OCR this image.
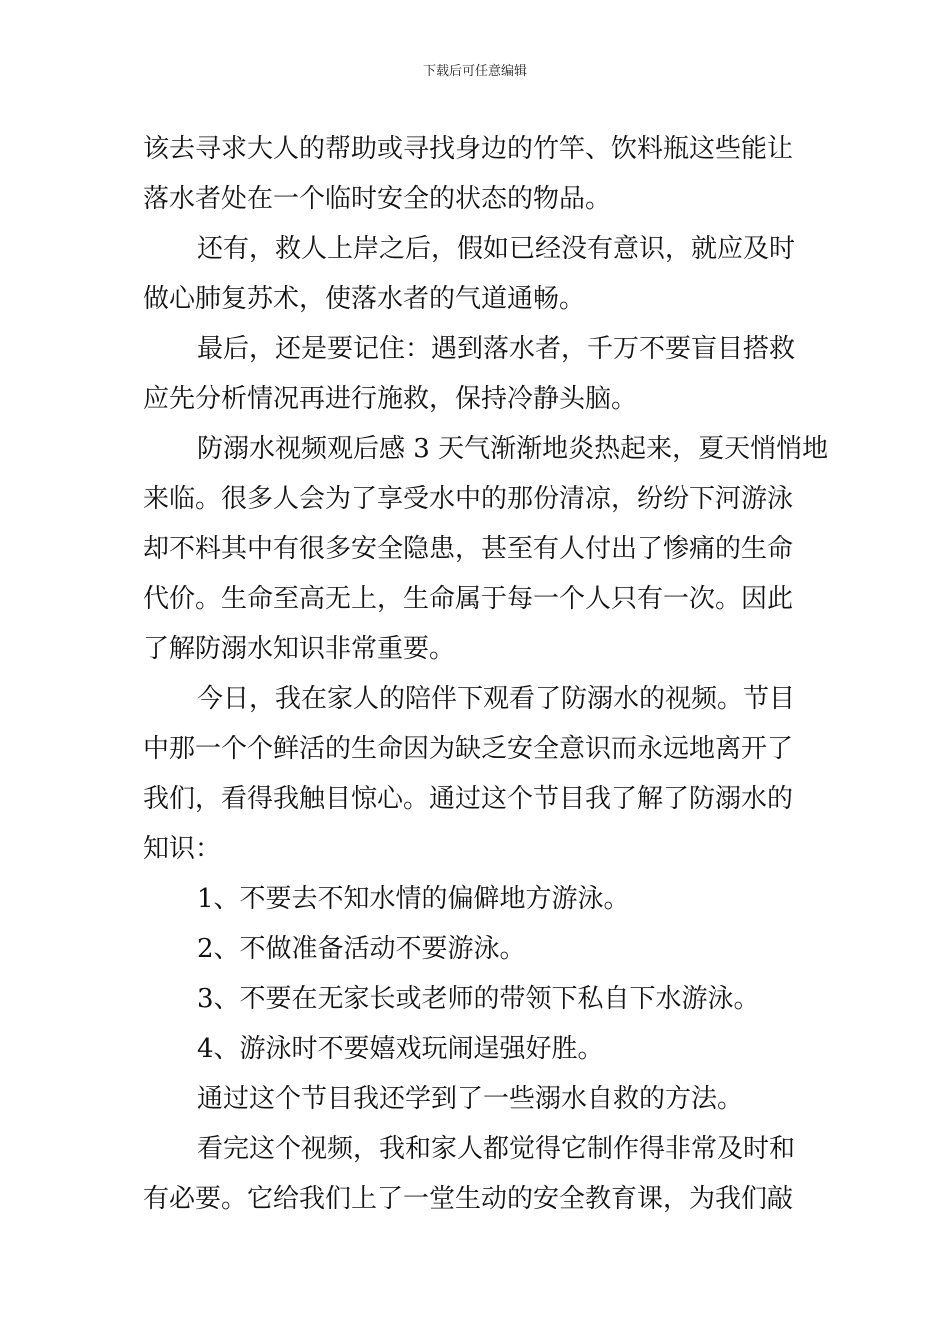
下载后可任意编辑
该去寻求大人的帮助或寻找身边的竹竿、饮料瓶这些能让
落水者处在一个临时安全的状态的物品。
还有，救人上岸之后，假如已经没有意识，就应及时
做心肺复苏术，使落水者的气道通畅。
最后，还是要记住：遇到落水者，千万不要盲目搭救
应先分析情况再进行施救，保持冷静头脑。
防溺水视频观后感 3 天气渐渐地炎热起来，夏天悄悄地
来临。很多人会为了享受水中的那份清凉，纷纷下河游泳
却不料其中有很多安全隐患，甚至有人付出了惨痛的生命
代价。生命至高无上，生命属于每一个人只有一次。因此
了解防溺水知识非常重要。
今日，我在家人的陪伴下观看了防溺水的视频。节目
中那一个个鲜活的生命因为缺乏安全意识而永远地离开了
我们，看得我触目惊心。通过这个节目我了解了防溺水的
知识：
1、不要去不知水情的偏僻地方游泳。
2、不做准备活动不要游泳。
3、不要在无家长或老师的带领下私自下水游泳。
4、游泳时不要嬉戏玩闹逞强好胜。
通过这个节目我还学到了一些溺水自救的方法。
看完这个视频，我和家人都觉得它制作得非常及时和
有必要。它给我们上了一堂生动的安全教育课，为我们敲
